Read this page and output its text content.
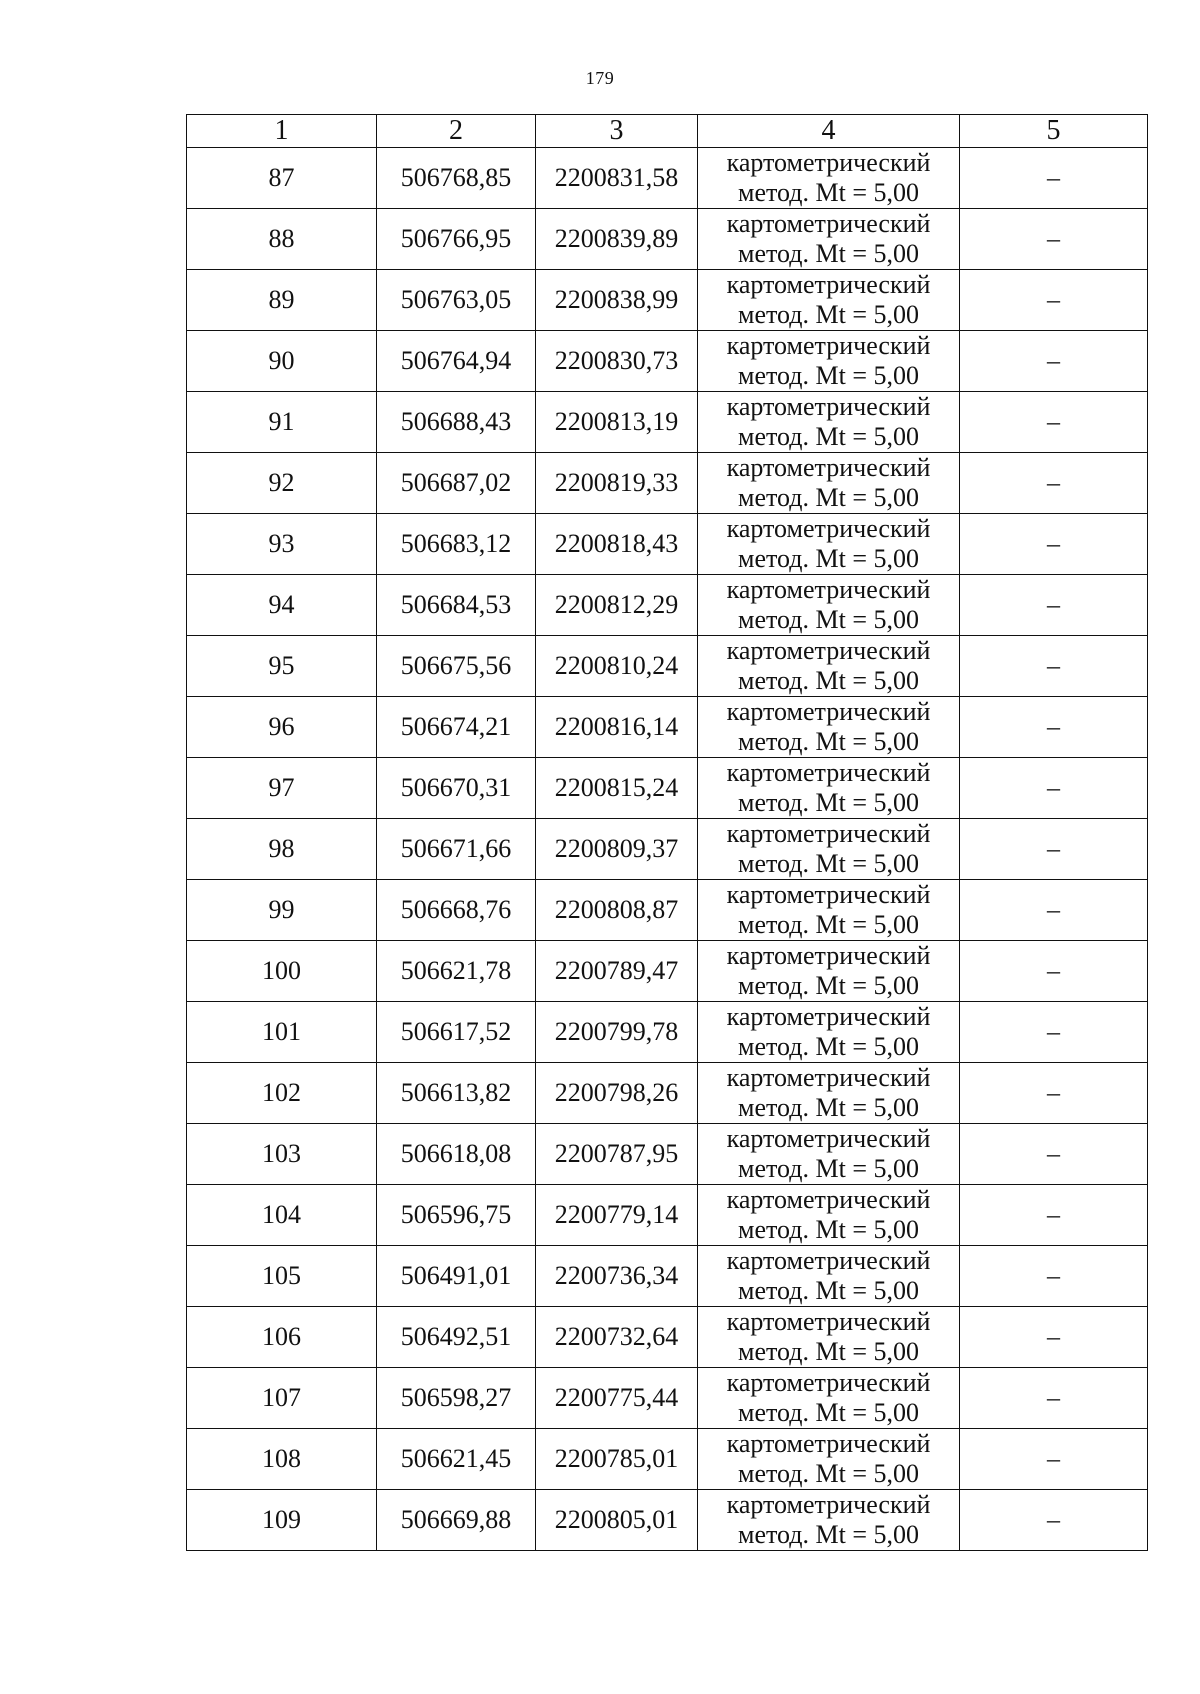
179
1	2	3	4	5
87	506768,85	2200831,58	картометрический
метод. Mt = 5,00	–
88	506766,95	2200839,89	картометрический
метод. Mt = 5,00	–
89	506763,05	2200838,99	картометрический
метод. Mt = 5,00	–
90	506764,94	2200830,73	картометрический
метод. Mt = 5,00	–
91	506688,43	2200813,19	картометрический
метод. Mt = 5,00	–
92	506687,02	2200819,33	картометрический
метод. Mt = 5,00	–
93	506683,12	2200818,43	картометрический
метод. Mt = 5,00	–
94	506684,53	2200812,29	картометрический
метод. Mt = 5,00	–
95	506675,56	2200810,24	картометрический
метод. Mt = 5,00	–
96	506674,21	2200816,14	картометрический
метод. Mt = 5,00	–
97	506670,31	2200815,24	картометрический
метод. Mt = 5,00	–
98	506671,66	2200809,37	картометрический
метод. Mt = 5,00	–
99	506668,76	2200808,87	картометрический
метод. Mt = 5,00	–
100	506621,78	2200789,47	картометрический
метод. Mt = 5,00	–
101	506617,52	2200799,78	картометрический
метод. Mt = 5,00	–
102	506613,82	2200798,26	картометрический
метод. Mt = 5,00	–
103	506618,08	2200787,95	картометрический
метод. Mt = 5,00	–
104	506596,75	2200779,14	картометрический
метод. Mt = 5,00	–
105	506491,01	2200736,34	картометрический
метод. Mt = 5,00	–
106	506492,51	2200732,64	картометрический
метод. Mt = 5,00	–
107	506598,27	2200775,44	картометрический
метод. Mt = 5,00	–
108	506621,45	2200785,01	картометрический
метод. Mt = 5,00	–
109	506669,88	2200805,01	картометрический
метод. Mt = 5,00	–
